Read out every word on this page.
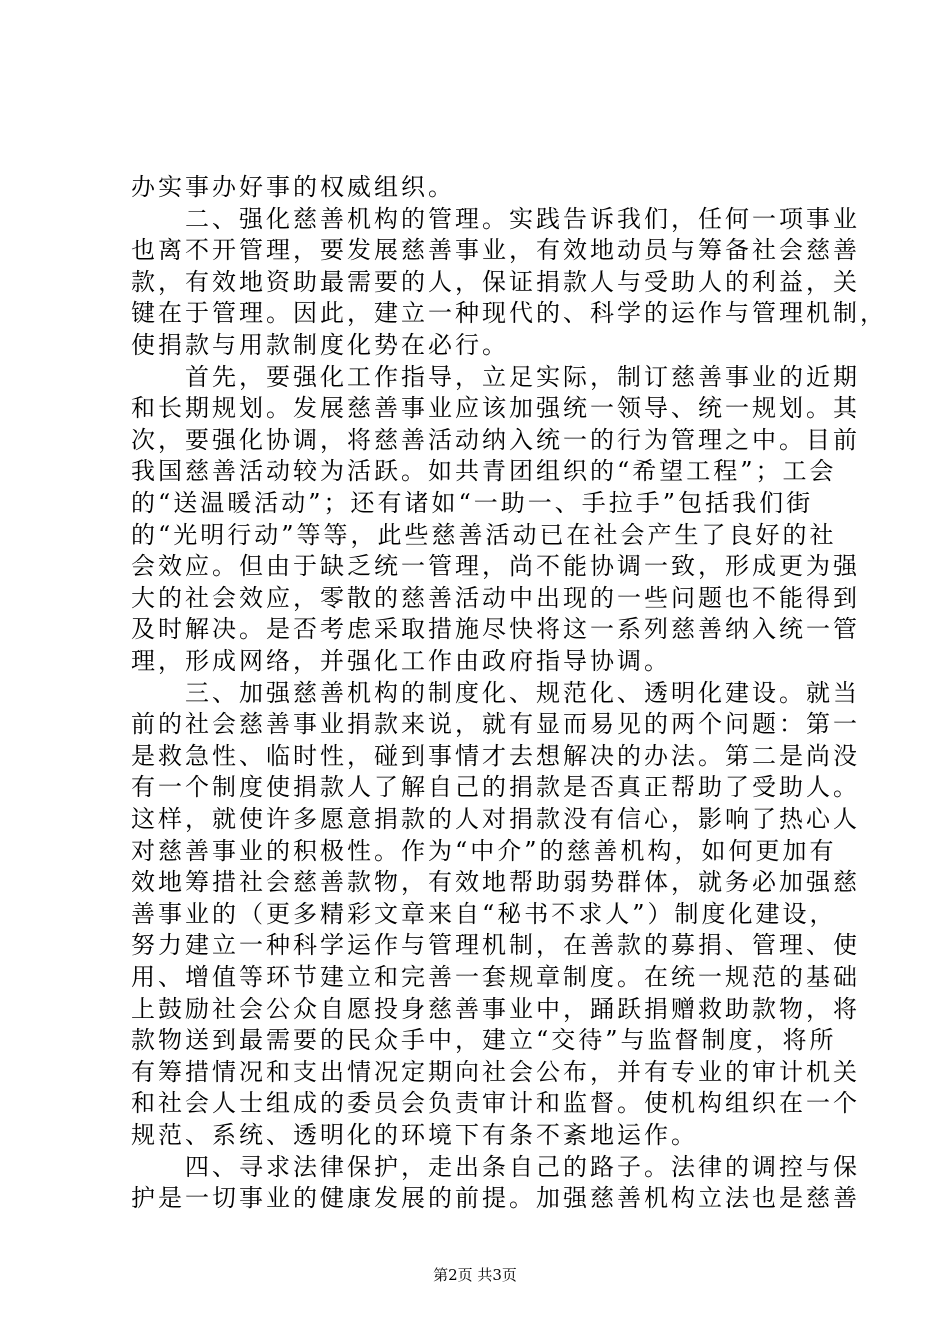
办实事办好事的权威组织。
　　二、强化慈善机构的管理。实践告诉我们，任何一项事业
也离不开管理，要发展慈善事业，有效地动员与筹备社会慈善
款，有效地资助最需要的人，保证捐款人与受助人的利益，关
键在于管理。因此，建立一种现代的、科学的运作与管理机制，
使捐款与用款制度化势在必行。
　　首先，要强化工作指导，立足实际，制订慈善事业的近期
和长期规划。发展慈善事业应该加强统一领导、统一规划。其
次，要强化协调，将慈善活动纳入统一的行为管理之中。目前
我国慈善活动较为活跃。如共青团组织的“希望工程”；工会
的“送温暖活动”；还有诸如“一助一、手拉手”包括我们街
的“光明行动”等等，此些慈善活动已在社会产生了良好的社
会效应。但由于缺乏统一管理，尚不能协调一致，形成更为强
大的社会效应，零散的慈善活动中出现的一些问题也不能得到
及时解决。是否考虑采取措施尽快将这一系列慈善纳入统一管
理，形成网络，并强化工作由政府指导协调。
　　三、加强慈善机构的制度化、规范化、透明化建设。就当
前的社会慈善事业捐款来说，就有显而易见的两个问题：第一
是救急性、临时性，碰到事情才去想解决的办法。第二是尚没
有一个制度使捐款人了解自己的捐款是否真正帮助了受助人。
这样，就使许多愿意捐款的人对捐款没有信心，影响了热心人
对慈善事业的积极性。作为“中介”的慈善机构，如何更加有
效地筹措社会慈善款物，有效地帮助弱势群体，就务必加强慈
善事业的（更多精彩文章来自“秘书不求人”）制度化建设，
努力建立一种科学运作与管理机制，在善款的募捐、管理、使
用、增值等环节建立和完善一套规章制度。在统一规范的基础
上鼓励社会公众自愿投身慈善事业中，踊跃捐赠救助款物，将
款物送到最需要的民众手中，建立“交待”与监督制度，将所
有筹措情况和支出情况定期向社会公布，并有专业的审计机关
和社会人士组成的委员会负责审计和监督。使机构组织在一个
规范、系统、透明化的环境下有条不紊地运作。
　　四、寻求法律保护，走出条自己的路子。法律的调控与保
护是一切事业的健康发展的前提。加强慈善机构立法也是慈善
第2页 共3页
